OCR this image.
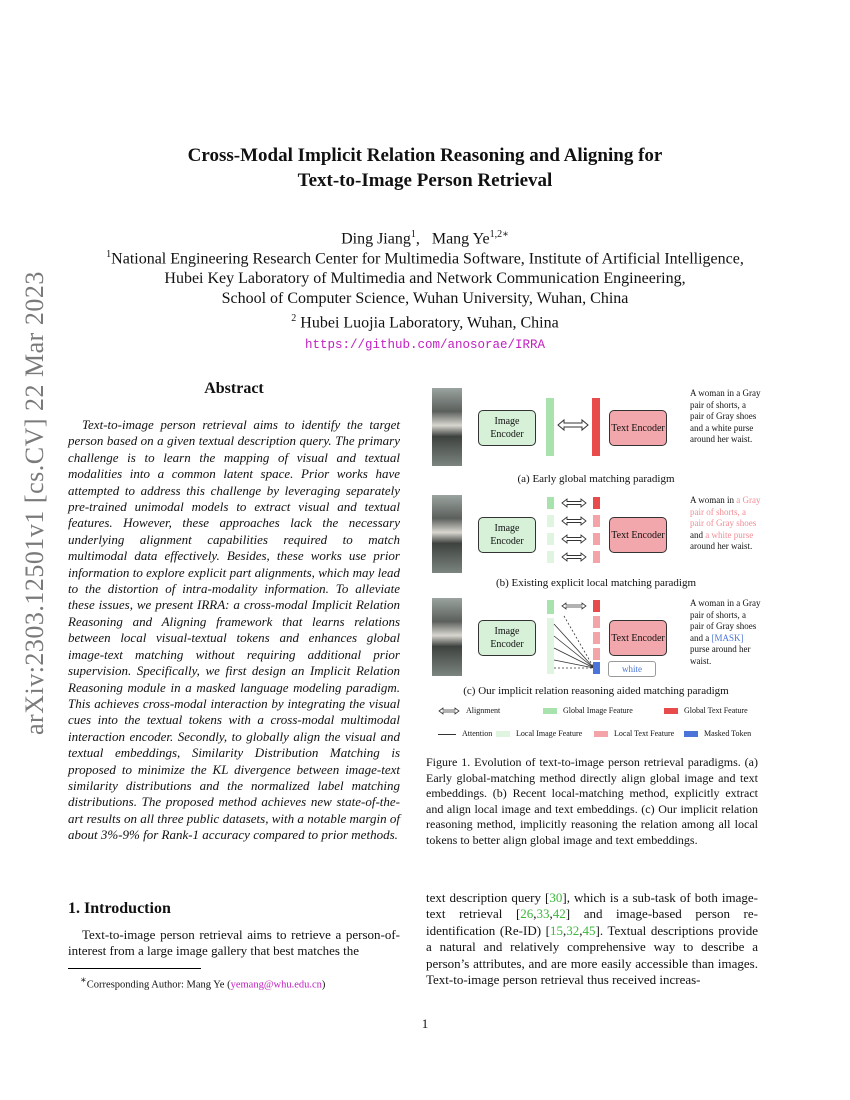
arXiv:2303.12501v1 [cs.CV] 22 Mar 2023
Cross-Modal Implicit Relation Reasoning and Aligning for
Text-to-Image Person Retrieval
Ding Jiang$^1$,   Mang $Ye^{1,2∗}$
$^1$National Engineering Research Center for Multimedia Software, Institute of Artificial Intelligence,
Hubei Key Laboratory of Multimedia and Network Communication Engineering,
School of Computer Science, Wuhan University, Wuhan, China
$^2$ Hubei Luojia Laboratory, Wuhan, China
https://github.com/anosorae/IRRA
Abstract

Text-to-image person retrieval aims to identify the target person based on a given textual description query. The primary challenge is to learn the mapping of visual and textual modalities into a common latent space. Prior works have attempted to address this challenge by leveraging separately pre-trained unimodal models to extract visual and textual features. However, these approaches lack the necessary underlying alignment capabilities required to match multimodal data effectively. Besides, these works use prior information to explore explicit part alignments, which may lead to the distortion of intra-modality information. To alleviate these issues, we present IRRA: a cross-modal Implicit Relation Reasoning and Aligning framework that learns relations between local visual-textual tokens and enhances global image-text matching without requiring additional prior supervision. Specifically, we first design an Implicit Relation Reasoning module in a masked language modeling paradigm. This achieves cross-modal interaction by integrating the visual cues into the textual tokens with a cross-modal multimodal interaction encoder. Secondly, to globally align the visual and textual embeddings, Similarity Distribution Matching is proposed to minimize the KL divergence between image-text similarity distributions and the normalized label matching distributions. The proposed method achieves new state-of-the-art results on all three public datasets, with a notable margin of about 3%-9% for Rank-1 accuracy compared to prior methods.

1. Introduction

Text-to-image person retrieval aims to retrieve a person-of-interest from a large image gallery that best matches the

∗Corresponding Author: Mang Ye (yemang@whu.edu.cn)
Image Encoder
Text Encoder
A woman in a Gray pair of shorts, a pair of Gray shoes and a white purse around her waist.
(a) Early global matching paradigm
Image Encoder
Text Encoder
A woman in a Gray pair of shorts, a pair of Gray shoes and a white purse around her waist.
(b) Existing explicit local matching paradigm
Image Encoder
white
Text Encoder
A woman in a Gray pair of shorts, a pair of Gray shoes and a [MASK] purse around her waist.
(c) Our implicit relation reasoning aided matching paradigm
Alignment	Global Image Feature	Global Text Feature
Attention	Local Image Feature	Local Text Feature	Masked Token

Figure 1. Evolution of text-to-image person retrieval paradigms. (a) Early global-matching method directly align global image and text embeddings. (b) Recent local-matching method, explicitly extract and align local image and text embeddings. (c) Our implicit relation reasoning method, implicitly reasoning the relation among all local tokens to better align global image and text embeddings.

text description query [30], which is a sub-task of both image-text retrieval [26,33,42] and image-based person re-identification (Re-ID) [15,32,45]. Textual descriptions provide a natural and relatively comprehensive way to describe a person’s attributes, and are more easily accessible than images. Text-to-image person retrieval thus received increas-

1
